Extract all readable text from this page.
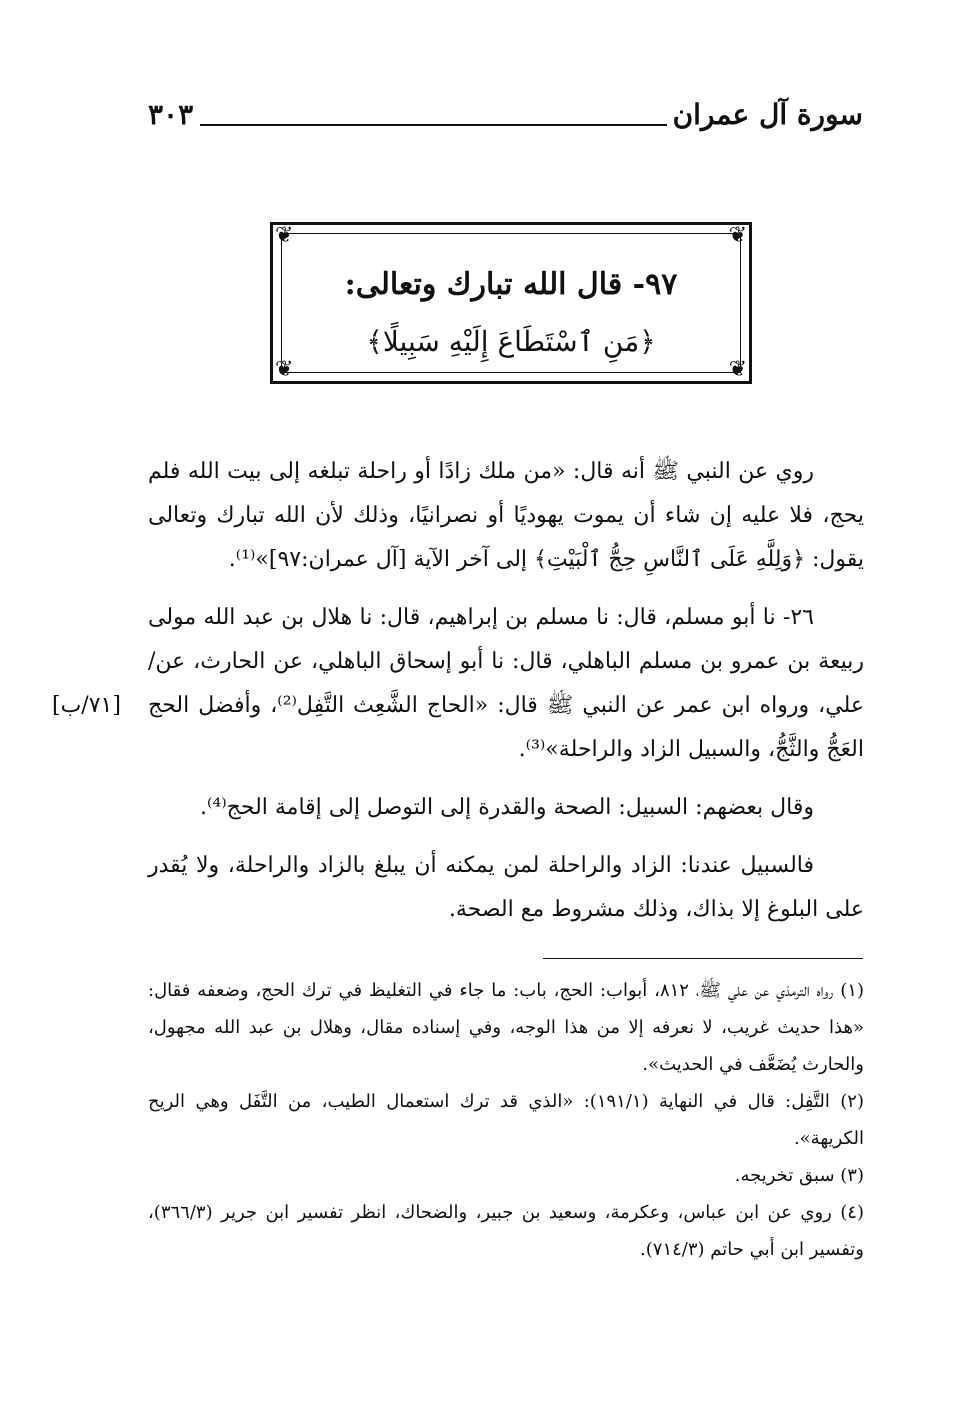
سورة آل عمران
٣٠٣
❦	❦
❦	❦
٩٧- قال الله تبارك وتعالى:
﴿مَنِ ٱسْتَطَاعَ إِلَيْهِ سَبِيلًا﴾

روي عن النبي ﷺ أنه قال: «من ملك زادًا أو راحلة تبلغه إلى بيت الله فلم يحج، فلا عليه إن شاء أن يموت يهوديًا أو نصرانيًا، وذلك لأن الله تبارك وتعالى يقول: ﴿وَلِلَّهِ عَلَى ٱلنَّاسِ حِجُّ ٱلْبَيْتِ﴾ إلى آخر الآية [آل عمران:٩٧]»⁽¹⁾.

٢٦- نا أبو مسلم، قال: نا مسلم بن إبراهيم، قال: نا هلال بن عبد الله مولى ربيعة بن عمرو بن مسلم الباهلي، قال: نا أبو إسحاق الباهلي، عن الحارث، عن/ علي، ورواه ابن عمر عن النبي ﷺ قال: «الحاج الشَّعِث التَّفِل⁽²⁾، وأفضل الحج العَجُّ والثَّجُّ، والسبيل الزاد والراحلة»⁽³⁾.

وقال بعضهم: السبيل: الصحة والقدرة إلى التوصل إلى إقامة الحج⁽⁴⁾.

فالسبيل عندنا: الزاد والراحلة لمن يمكنه أن يبلغ بالزاد والراحلة، ولا يُقدر على البلوغ إلا بذاك، وذلك مشروط مع الصحة.

[٧١/ب]

(١) رواه الترمذي عن علي ﷺ، ٨١٢، أبواب: الحج، باب: ما جاء في التغليظ في ترك الحج، وضعفه فقال: «هذا حديث غريب، لا نعرفه إلا من هذا الوجه، وفي إسناده مقال، وهلال بن عبد الله مجهول، والحارث يُضَعَّف في الحديث».

(٢) التَّفِل: قال في النهاية (١٩١/١): «الذي قد ترك استعمال الطيب، من التَّفَل وهي الريح الكريهة».

(٣) سبق تخريجه.

(٤) روي عن ابن عباس، وعكرمة، وسعيد بن جبير، والضحاك، انظر تفسير ابن جرير (٣٦٦/٣)، وتفسير ابن أبي حاتم (٧١٤/٣).
